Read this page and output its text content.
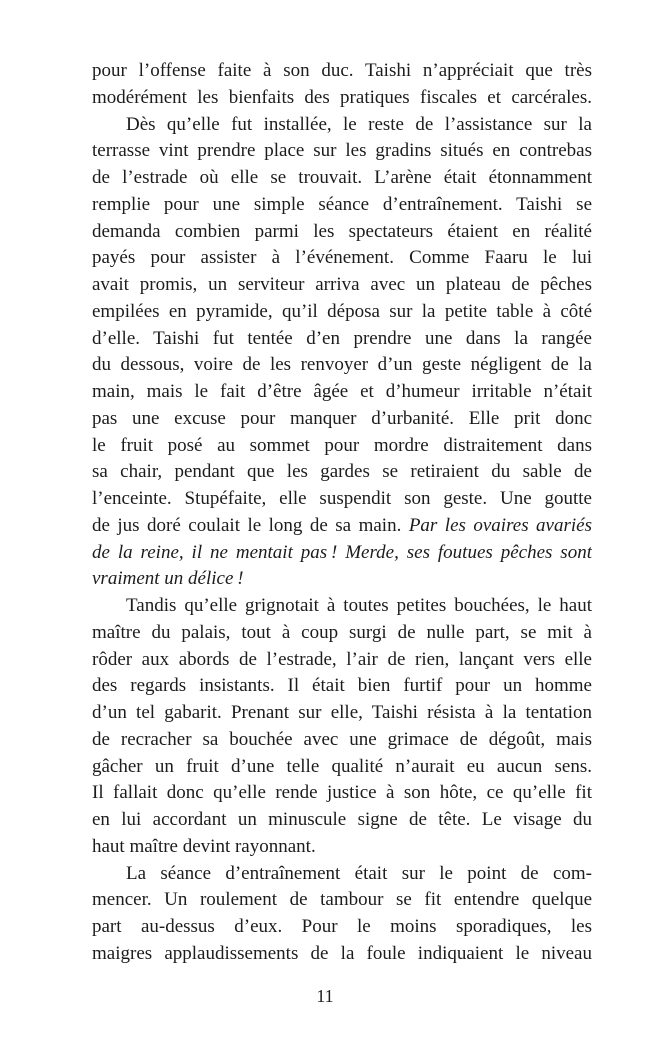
pour l’offense faite à son duc. Taishi n’appréciait que très
modérément les bienfaits des pratiques fiscales et carcérales.
Dès qu’elle fut installée, le reste de l’assistance sur la
terrasse vint prendre place sur les gradins situés en contrebas
de l’estrade où elle se trouvait. L’arène était étonnamment
remplie pour une simple séance d’entraînement. Taishi se
demanda combien parmi les spectateurs étaient en réalité
payés pour assister à l’événement. Comme Faaru le lui
avait promis, un serviteur arriva avec un plateau de pêches
empilées en pyramide, qu’il déposa sur la petite table à côté
d’elle. Taishi fut tentée d’en prendre une dans la rangée
du dessous, voire de les renvoyer d’un geste négligent de la
main, mais le fait d’être âgée et d’humeur irritable n’était
pas une excuse pour manquer d’urbanité. Elle prit donc
le fruit posé au sommet pour mordre distraitement dans
sa chair, pendant que les gardes se retiraient du sable de
l’enceinte. Stupéfaite, elle suspendit son geste. Une goutte
de jus doré coulait le long de sa main. Par les ovaires avariés
de la reine, il ne mentait pas ! Merde, ses foutues pêches sont
vraiment un délice !
Tandis qu’elle grignotait à toutes petites bouchées, le haut
maître du palais, tout à coup surgi de nulle part, se mit à
rôder aux abords de l’estrade, l’air de rien, lançant vers elle
des regards insistants. Il était bien furtif pour un homme
d’un tel gabarit. Prenant sur elle, Taishi résista à la tentation
de recracher sa bouchée avec une grimace de dégoût, mais
gâcher un fruit d’une telle qualité n’aurait eu aucun sens.
Il fallait donc qu’elle rende justice à son hôte, ce qu’elle fit
en lui accordant un minuscule signe de tête. Le visage du
haut maître devint rayonnant.
La séance d’entraînement était sur le point de com-
mencer. Un roulement de tambour se fit entendre quelque
part au-dessus d’eux. Pour le moins sporadiques, les
maigres applaudissements de la foule indiquaient le niveau
11
